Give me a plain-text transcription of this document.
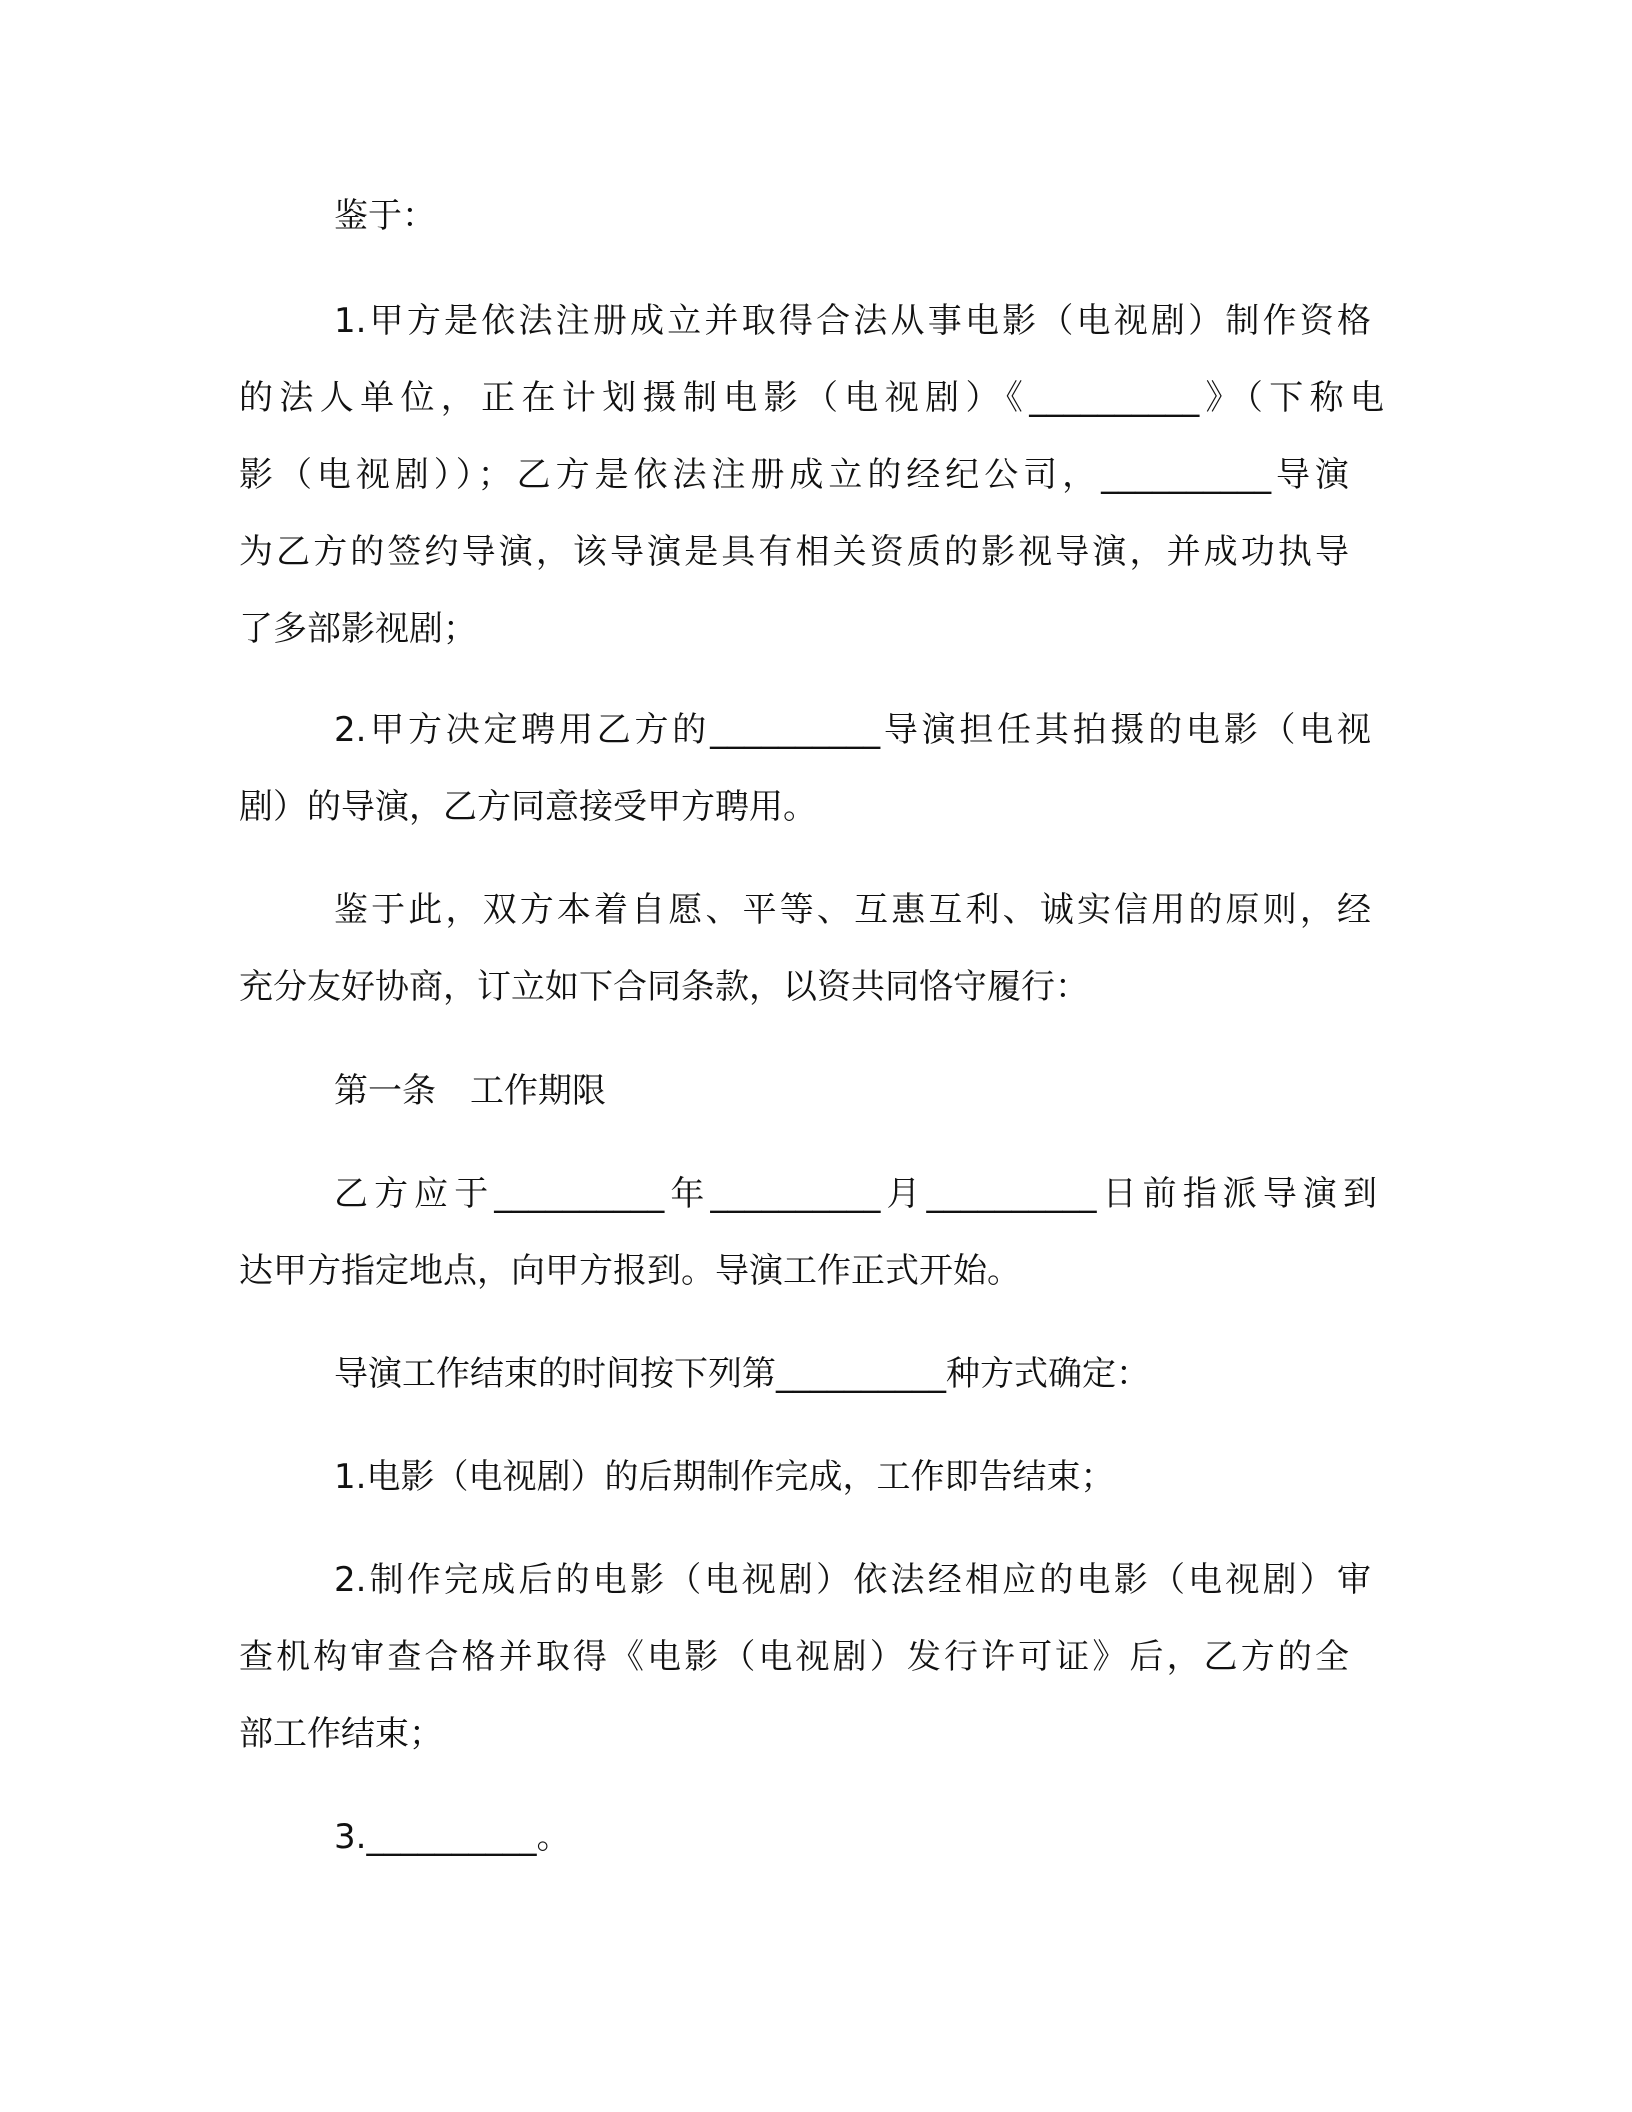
鉴于：

1.甲方是依法注册成立并取得合法从事电影（电视剧）制作资格

的法人单位，正在计划摄制电影（电视剧）《__________》（下称电

影（电视剧））；乙方是依法注册成立的经纪公司，__________导演

为乙方的签约导演，该导演是具有相关资质的影视导演，并成功执导

了多部影视剧；

2.甲方决定聘用乙方的__________导演担任其拍摄的电影（电视

剧）的导演，乙方同意接受甲方聘用。

鉴于此，双方本着自愿、平等、互惠互利、诚实信用的原则，经

充分友好协商，订立如下合同条款，以资共同恪守履行：

第一条　工作期限

乙方应于__________年__________月__________日前指派导演到

达甲方指定地点，向甲方报到。导演工作正式开始。

导演工作结束的时间按下列第__________种方式确定：

1.电影（电视剧）的后期制作完成，工作即告结束；

2.制作完成后的电影（电视剧）依法经相应的电影（电视剧）审

查机构审查合格并取得《电影（电视剧）发行许可证》后，乙方的全

部工作结束；

3.__________。
